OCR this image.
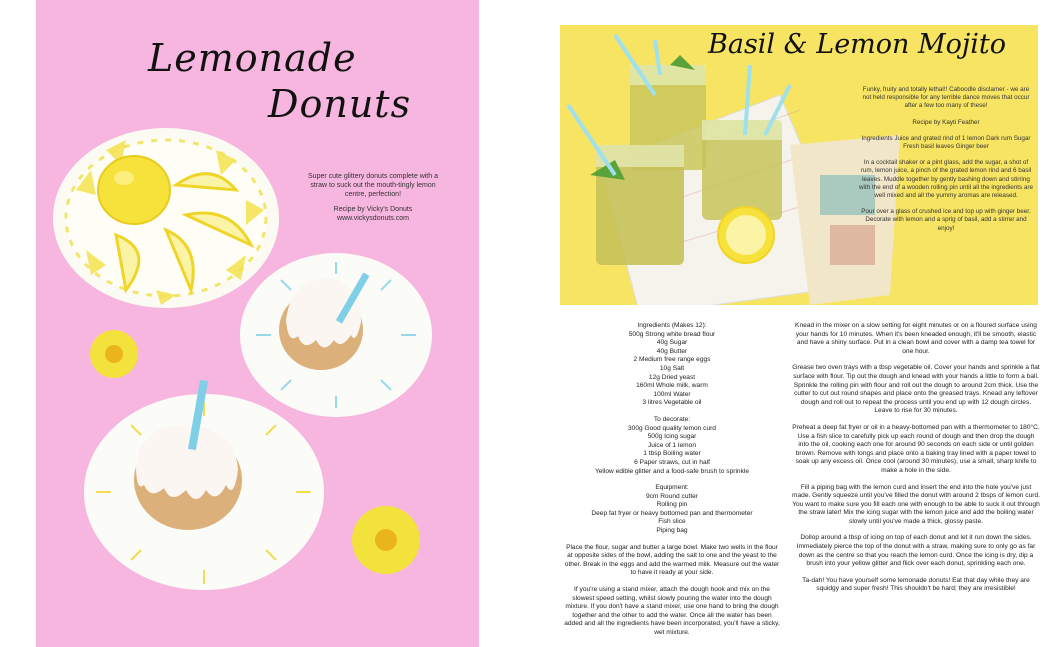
Lemonade
Donuts

Super cute glittery donuts complete with a straw to suck out the mouth-tingly lemon centre, perfection!

Recipe by Vicky's Donuts
www.vickysdonuts.com
Basil & Lemon Mojito

Funky, fruity and totally lethal!! Caboodle disclamer - we are not held responsible for any terrible dance moves that occur after a few too many of these!

Recipe by Kayti Feather

Ingredients Juice and grated rind of 1 lemon Dark rum Sugar Fresh basil leaves Ginger beer

In a cocktail shaker or a pint glass, add the sugar, a shot of rum, lemon juice, a pinch of the grated lemon rind and 6 basil leaves. Muddle together by gently bashing down and stirring with the end of a wooden rolling pin until all the ingredients are well mixed and all the yummy aromas are released.

Pour over a glass of crushed ice and top up with ginger beer. Decorate with lemon and a sprig of basil, add a stirrer and enjoy!

Ingredients (Makes 12):
500g Strong white bread flour
40g Sugar
40g Butter
2 Medium free range eggs
10g Salt
12g Dried yeast
160ml Whole milk, warm
100ml Water
3 litres Vegetable oil

To decorate:
300g Good quality lemon curd
500g Icing sugar
Juice of 1 lemon
1 tbsp Boiling water
6 Paper straws, cut in half
Yellow edible glitter and a food-safe brush to sprinkle

Equipment:
9cm Round cutter
Rolling pin
Deep fat fryer or heavy bottomed pan and thermometer
Fish slice
Piping bag

Place the flour, sugar and butter a large bowl. Make two wells in the flour at opposite sides of the bowl, adding the salt to one and the yeast to the other. Break in the eggs and add the warmed milk. Measure out the water to have it ready at your side.

If you're using a stand mixer, attach the dough hook and mix on the slowest speed setting, whilst slowly pouring the water into the dough mixture. If you don't have a stand mixer, use one hand to bring the dough together and the other to add the water. Once all the water has been added and all the ingredients have been incorporated, you'll have a sticky, wet mixture.

Knead in the mixer on a slow setting for eight minutes or on a floured surface using your hands for 10 minutes. When it's been kneaded enough, it'll be smooth, elastic and have a shiny surface. Put in a clean bowl and cover with a damp tea towel for one hour.

Grease two oven trays with a tbsp vegetable oil. Cover your hands and sprinkle a flat surface with flour. Tip out the dough and knead with your hands a little to form a ball. Sprinkle the rolling pin with flour and roll out the dough to around 2cm thick. Use the cutter to cut out round shapes and place onto the greased trays. Knead any leftover dough and roll out to repeat the process until you end up with 12 dough circles. Leave to rise for 30 minutes.

Preheat a deep fat fryer or oil in a heavy-bottomed pan with a thermometer to 180°C. Use a fish slice to carefully pick up each round of dough and then drop the dough into the oil, cooking each one for around 90 seconds on each side or until golden brown. Remove with tongs and place onto a baking tray lined with a paper towel to soak up any excess oil. Once cool (around 30 minutes), use a small, sharp knife to make a hole in the side.

Fill a piping bag with the lemon curd and insert the end into the hole you've just made. Gently squeeze until you've filled the donut with around 2 tbsps of lemon curd. You want to make sure you fill each one with enough to be able to suck it out through the straw later! Mix the icing sugar with the lemon juice and add the boiling water slowly until you've made a thick, glossy paste.

Dollop around a tbsp of icing on top of each donut and let it run down the sides. Immediately pierce the top of the donut with a straw, making sure to only go as far down as the centre so that you reach the lemon curd. Once the icing is dry, dip a brush into your yellow glitter and flick over each donut, sprinkling each one.

Ta-dah! You have yourself some lemonade donuts! Eat that day while they are squidgy and super fresh! This shouldn't be hard; they are irresistible!
